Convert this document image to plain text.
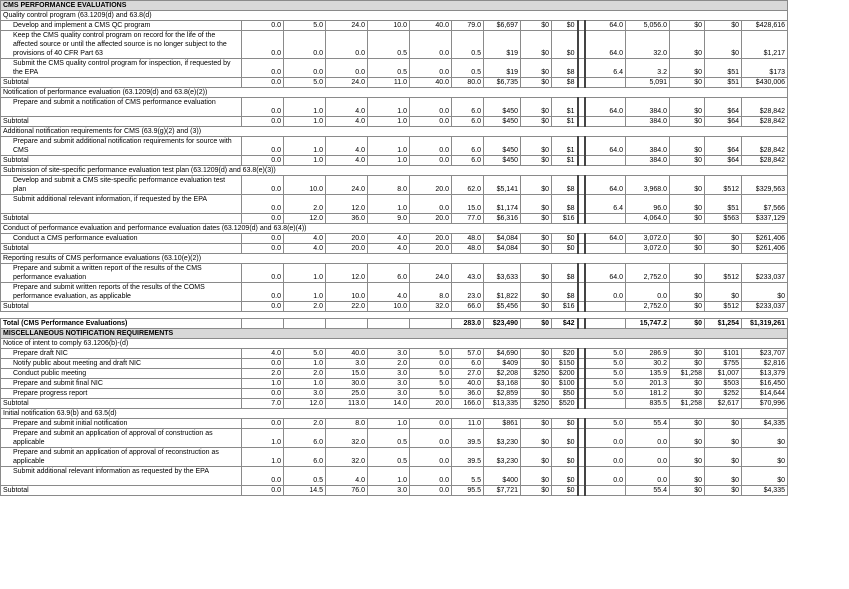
CMS PERFORMANCE EVALUATIONS															
Quality control program (63.1209(d) and 63.8(d)															
Develop and implement a CMS QC program	0.0	5.0	24.0	10.0	40.0	79.0	$6,697	$0	$0		64.0	5,056.0	$0	$0	$428,616
Keep the CMS quality control program on record for the life of the affected source or until the affected source is no longer subject to the provisions of 40 CFR Part 63	0.0	0.0	0.0	0.5	0.0	0.5	$19	$0	$0		64.0	32.0	$0	$0	$1,217
Submit the CMS quality control program for inspection, if requested by the EPA	0.0	0.0	0.0	0.5	0.0	0.5	$19	$0	$8		6.4	3.2	$0	$51	$173
Subtotal	0.0	5.0	24.0	11.0	40.0	80.0	$6,735	$0	$8			5,091	$0	$51	$430,006
Notification of performance evaluation (63.1209(d) and 63.8(e)(2))															
Prepare and submit a notification of CMS performance evaluation	0.0	1.0	4.0	1.0	0.0	6.0	$450	$0	$1		64.0	384.0	$0	$64	$28,842
Subtotal	0.0	1.0	4.0	1.0	0.0	6.0	$450	$0	$1			384.0	$0	$64	$28,842
Additional notification requirements for CMS (63.9(g)(2) and (3))															
Prepare and submit additional notification requirements for source with CMS	0.0	1.0	4.0	1.0	0.0	6.0	$450	$0	$1		64.0	384.0	$0	$64	$28,842
Subtotal	0.0	1.0	4.0	1.0	0.0	6.0	$450	$0	$1			384.0	$0	$64	$28,842
Submission of site-specific performance evaluation test plan (63.1209(d) and 63.8(e)(3))															
Develop and submit a CMS site-specific performance evaluation test plan	0.0	10.0	24.0	8.0	20.0	62.0	$5,141	$0	$8		64.0	3,968.0	$0	$512	$329,563
Submit additional relevant information, if requested by the EPA	0.0	2.0	12.0	1.0	0.0	15.0	$1,174	$0	$8		6.4	96.0	$0	$51	$7,566
Subtotal	0.0	12.0	36.0	9.0	20.0	77.0	$6,316	$0	$16			4,064.0	$0	$563	$337,129
Conduct of performance evaluation and performance evaluation dates (63.1209(d) and 63.8(e)(4))															
Conduct a CMS performance evaluation	0.0	4.0	20.0	4.0	20.0	48.0	$4,084	$0	$0		64.0	3,072.0	$0	$0	$261,406
Subtotal	0.0	4.0	20.0	4.0	20.0	48.0	$4,084	$0	$0			3,072.0	$0	$0	$261,406
Reporting results of CMS performance evaluations (63.10(e)(2))															
Prepare and submit a written report of the results of the CMS performance evaluation	0.0	1.0	12.0	6.0	24.0	43.0	$3,633	$0	$8		64.0	2,752.0	$0	$512	$233,037
Prepare and submit written reports of the results of the COMS performance evaluation, as applicable	0.0	1.0	10.0	4.0	8.0	23.0	$1,822	$0	$8		0.0	0.0	$0	$0	$0
Subtotal	0.0	2.0	22.0	10.0	32.0	66.0	$5,456	$0	$16			2,752.0	$0	$512	$233,037

Total (CMS Performance Evaluations)						283.0	$23,490	$0	$42			15,747.2	$0	$1,254	$1,319,261
MISCELLANEOUS NOTIFICATION REQUIREMENTS															
Notice of intent to comply 63.1206(b)-(d)															
Prepare draft NIC	4.0	5.0	40.0	3.0	5.0	57.0	$4,690	$0	$20		5.0	286.9	$0	$101	$23,707
Notify public about meeting and draft NIC	0.0	1.0	3.0	2.0	0.0	6.0	$409	$0	$150		5.0	30.2	$0	$755	$2,816
Conduct public meeting	2.0	2.0	15.0	3.0	5.0	27.0	$2,208	$250	$200		5.0	135.9	$1,258	$1,007	$13,379
Prepare and submit final NIC	1.0	1.0	30.0	3.0	5.0	40.0	$3,168	$0	$100		5.0	201.3	$0	$503	$16,450
Prepare progress report	0.0	3.0	25.0	3.0	5.0	36.0	$2,859	$0	$50		5.0	181.2	$0	$252	$14,644
Subtotal	7.0	12.0	113.0	14.0	20.0	166.0	$13,335	$250	$520			835.5	$1,258	$2,617	$70,996
Initial notification 63.9(b) and 63.5(d)															
Prepare and submit initial notification	0.0	2.0	8.0	1.0	0.0	11.0	$861	$0	$0		5.0	55.4	$0	$0	$4,335
Prepare and submit an application of approval of construction as applicable	1.0	6.0	32.0	0.5	0.0	39.5	$3,230	$0	$0		0.0	0.0	$0	$0	$0
Prepare and submit an application of approval of reconstruction as applicable	1.0	6.0	32.0	0.5	0.0	39.5	$3,230	$0	$0		0.0	0.0	$0	$0	$0
Submit additional relevant information as requested by the EPA	0.0	0.5	4.0	1.0	0.0	5.5	$400	$0	$0		0.0	0.0	$0	$0	$0
Subtotal	0.0	14.5	76.0	3.0	0.0	95.5	$7,721	$0	$0			55.4	$0	$0	$4,335
